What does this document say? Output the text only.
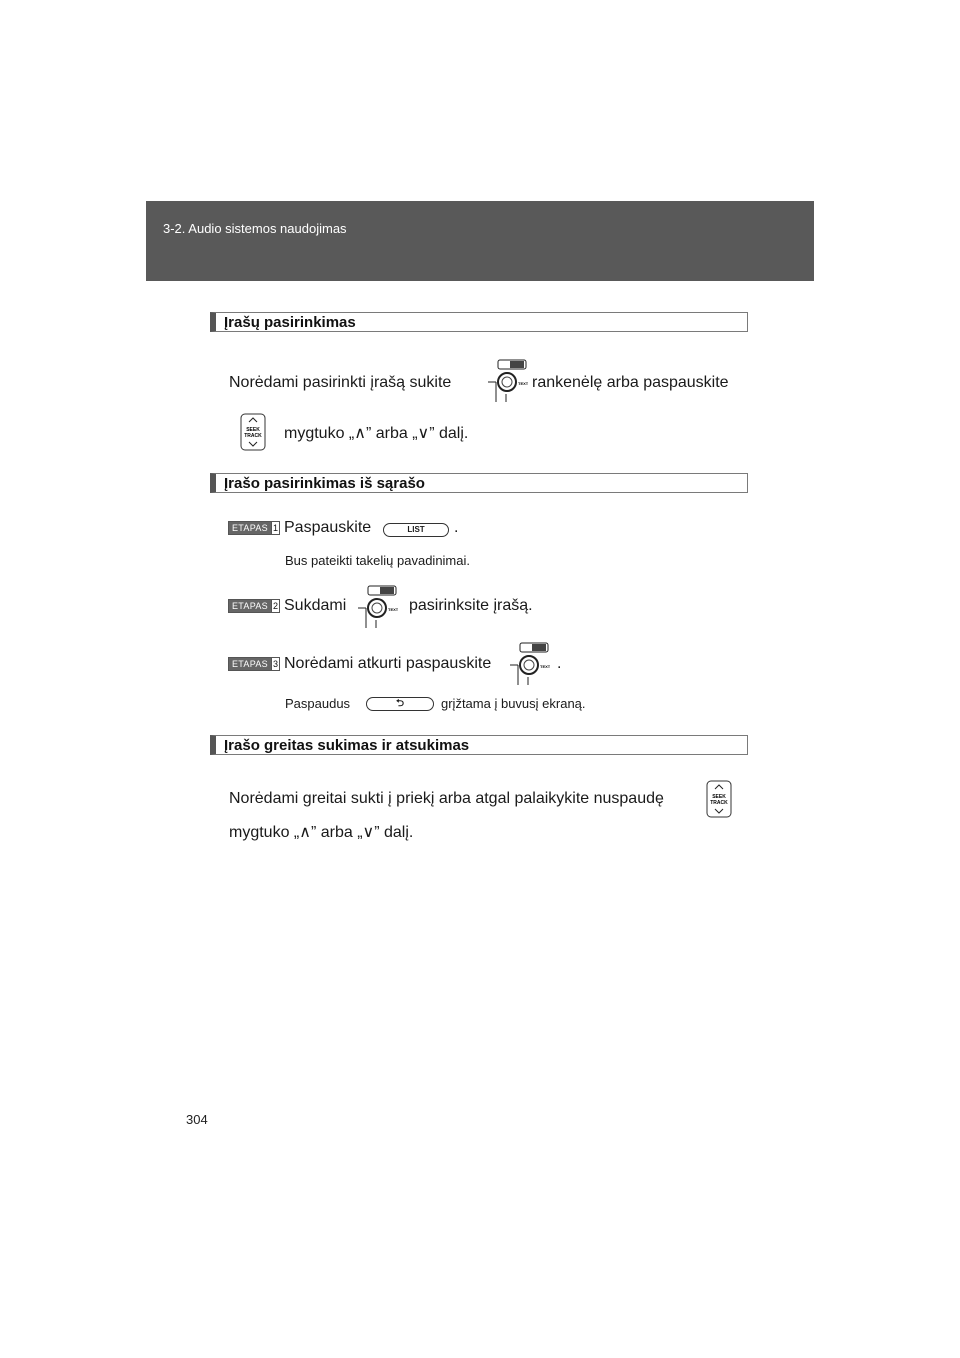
3-2. Audio sistemos naudojimas
Įrašų pasirinkimas
Norėdami pasirinkti įrašą sukite	TEXT rankenėlę arba paspauskite
SEEK
TRACK mygtuko „∧” arba „∨” dalį.
Įrašo pasirinkimas iš sąrašo
ETAPAS 1 Paspauskite	LIST	.
Bus pateikti takelių pavadinimai.
ETAPAS 2 Sukdami	TEXT pasirinksite įrašą.
ETAPAS 3 Norėdami atkurti paspauskite	TEXT .
Paspaudus	⮌	grįžtama į buvusį ekraną.
Įrašo greitas sukimas ir atsukimas
Norėdami greitai sukti į priekį arba atgal palaikykite nuspaudę	SEEK
TRACK
mygtuko „∧” arba „∨” dalį.
304
